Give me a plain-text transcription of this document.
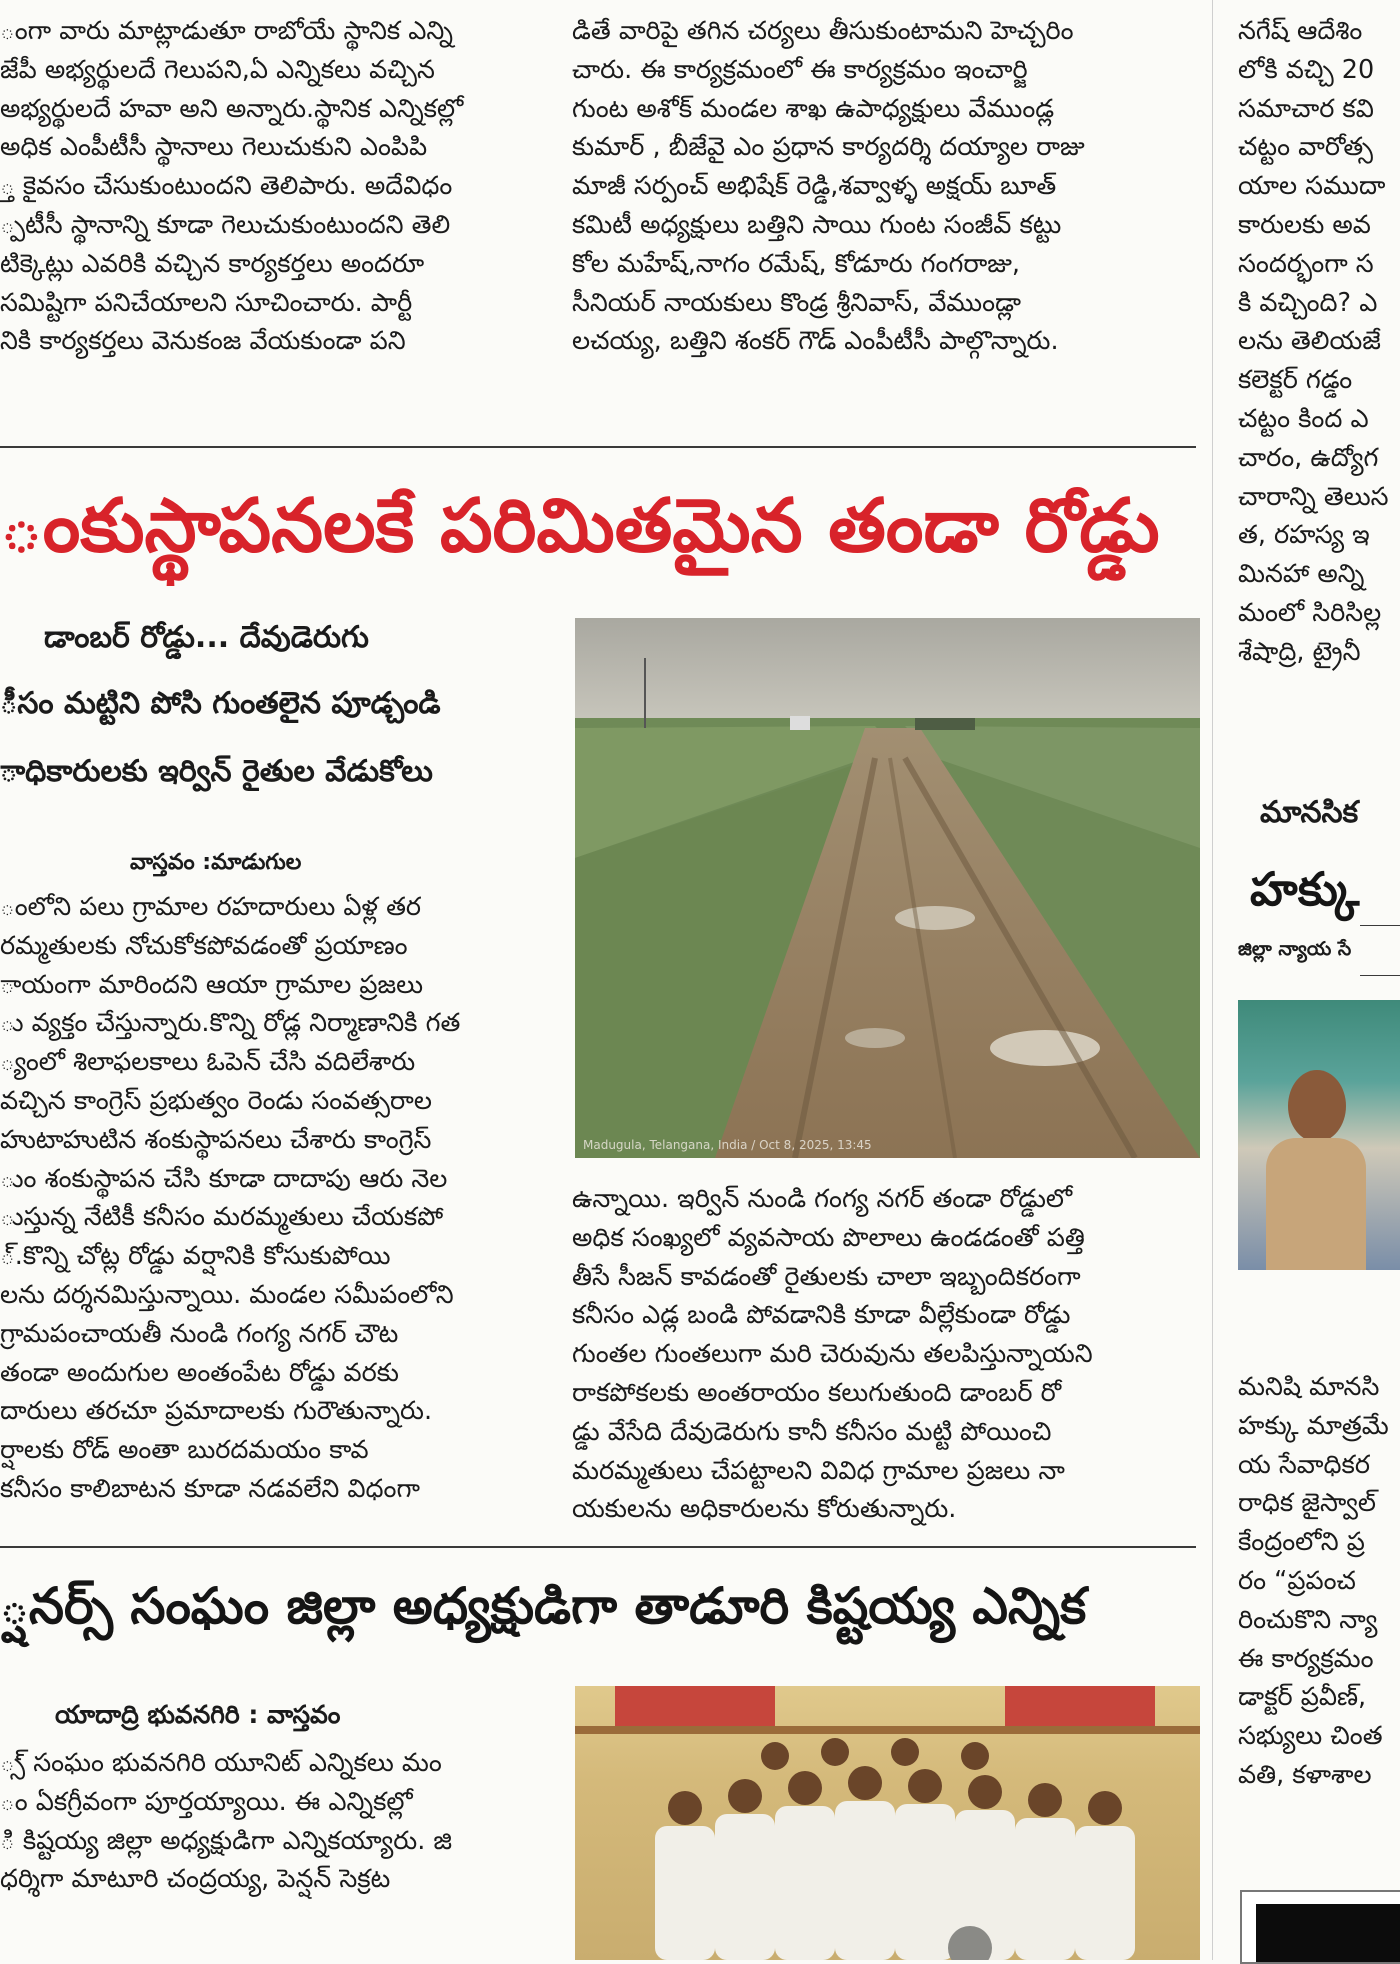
ంగా వారు మాట్లాడుతూ రాబోయే స్థానిక ఎన్ని
జేపీ అభ్యర్థులదే గెలుపని,ఏ ఎన్నికలు వచ్చిన
అభ్యర్థులదే హవా అని అన్నారు.స్థానిక ఎన్నికల్లో
అధిక ఎంపీటీసీ స్థానాలు గెలుచుకుని ఎంపిపి
్త కైవసం చేసుకుంటుందని తెలిపారు. అదేవిధం
్పటీసీ స్థానాన్ని కూడా గెలుచుకుంటుందని తెలి
టిక్కెట్లు ఎవరికి వచ్చిన కార్యకర్తలు అందరూ
సమిష్టిగా పనిచేయాలని సూచించారు. పార్టీ
నికి కార్యకర్తలు వెనుకంజ వేయకుండా పని
డితే వారిపై తగిన చర్యలు తీసుకుంటామని హెచ్చరిం
చారు. ఈ కార్యక్రమంలో ఈ కార్యక్రమం ఇంచార్జి
గుంట అశోక్ మండల శాఖ ఉపాధ్యక్షులు వేముండ్ల
కుమార్ , బీజేవై ఎం ప్రధాన కార్యదర్శి దయ్యాల రాజు
మాజీ సర్పంచ్ అభిషేక్ రెడ్డి,శవ్వాళ్ళ అక్షయ్ బూత్
కమిటీ అధ్యక్షులు బత్తిని సాయి గుంట సంజీవ్ కట్టు
కోల మహేష్,నాగం రమేష్, కోడూరు గంగరాజు,
సీనియర్ నాయకులు కొండ్ర శ్రీనివాస్, వేముండ్లా
లచయ్య, బత్తిని శంకర్ గౌడ్ ఎంపీటీసీ పాల్గొన్నారు.
నగేష్ ఆదేశిం
లోకి వచ్చి 20
సమాచార కవి
చట్టం వారోత్స
యాల సముదా
కారులకు అవ
సందర్భంగా స
కి వచ్చింది? ఎ
లను తెలియజే
కలెక్టర్ గడ్డం
చట్టం కింద ఎ
చారం, ఉద్యోగ
చారాన్ని తెలుస
త, రహస్య ఇ
మినహా అన్ని
మంలో సిరిసిల్ల
శేషాద్రి, ట్రైనీ
మానసిక
హక్కు
జిల్లా న్యాయ సే
మనిషి మానసి
హక్కు మాత్రమే
య సేవాధికర
రాధిక జైస్వాల్
కేంద్రంలోని ప్ర
రం “ప్రపంచ
రించుకొని న్యా
ఈ కార్యక్రమం
డాక్టర్ ప్రవీణ్,
సభ్యులు చింత
వతి, కళాశాల
ంకుస్థాపనలకే పరిమితమైన తండా రోడ్డు
డాంబర్ రోడ్డు... దేవుడెరుగు
ీసం మట్టిని పోసి గుంతలైన పూడ్చండి
ాధికారులకు ఇర్విన్ రైతుల వేడుకోలు
వాస్తవం :మాడుగుల
ంలోని పలు గ్రామాల రహదారులు ఏళ్ల తర
రమ్మతులకు నోచుకోకపోవడంతో ప్రయాణం
ాయంగా మారిందని ఆయా గ్రామాల ప్రజలు
ు వ్యక్తం చేస్తున్నారు.కొన్ని రోడ్ల నిర్మాణానికి గత
్యంలో శిలాఫలకాలు ఓపెన్ చేసి వదిలేశారు
వచ్చిన కాంగ్రెస్ ప్రభుత్వం రెండు సంవత్సరాల
హుటాహుటిన శంకుస్థాపనలు చేశారు కాంగ్రెస్
ుం శంకుస్థాపన చేసి కూడా దాదాపు ఆరు నెల
ుస్తున్న నేటికీ కనీసం మరమ్మతులు చేయకపో
్.కొన్ని చోట్ల రోడ్డు వర్షానికి కోసుకుపోయి
లను దర్శనమిస్తున్నాయి. మండల సమీపంలోని
గ్రామపంచాయతీ నుండి గంగ్య నగర్ చౌట
తండా అందుగుల అంతంపేట రోడ్డు వరకు
దారులు తరచూ ప్రమాదాలకు గురౌతున్నారు.
ర్షాలకు రోడ్ అంతా బురదమయం కావ
కనీసం కాలిబాటన కూడా నడవలేని విధంగా
Madugula, Telangana, India / Oct 8, 2025, 13:45
ఉన్నాయి. ఇర్విన్ నుండి గంగ్య నగర్ తండా రోడ్డులో
అధిక సంఖ్యలో వ్యవసాయ పొలాలు ఉండడంతో పత్తి
తీసే సీజన్ కావడంతో రైతులకు చాలా ఇబ్బందికరంగా
కనీసం ఎడ్ల బండి పోవడానికి కూడా వీల్లేకుండా రోడ్డు
గుంతల గుంతలుగా మరి చెరువును తలపిస్తున్నాయని
రాకపోకలకు అంతరాయం కలుగుతుంది డాంబర్ రో
డ్డు వేసేది దేవుడెరుగు కానీ కనీసం మట్టి పోయించి
మరమ్మతులు చేపట్టాలని వివిధ గ్రామాల ప్రజలు నా
యకులను అధికారులను కోరుతున్నారు.
్షనర్స్ సంఘం జిల్లా అధ్యక్షుడిగా తాడూరి కిష్టయ్య ఎన్నిక
యాదాద్రి భువనగిరి : వాస్తవం
్స్ సంఘం భువనగిరి యూనిట్ ఎన్నికలు మం
ం ఏకగ్రీవంగా పూర్తయ్యాయి. ఈ ఎన్నికల్లో
ి కిష్టయ్య జిల్లా అధ్యక్షుడిగా ఎన్నికయ్యారు. జి
ధర్శిగా మాటూరి చంద్రయ్య, పెన్షన్ సెక్రట
